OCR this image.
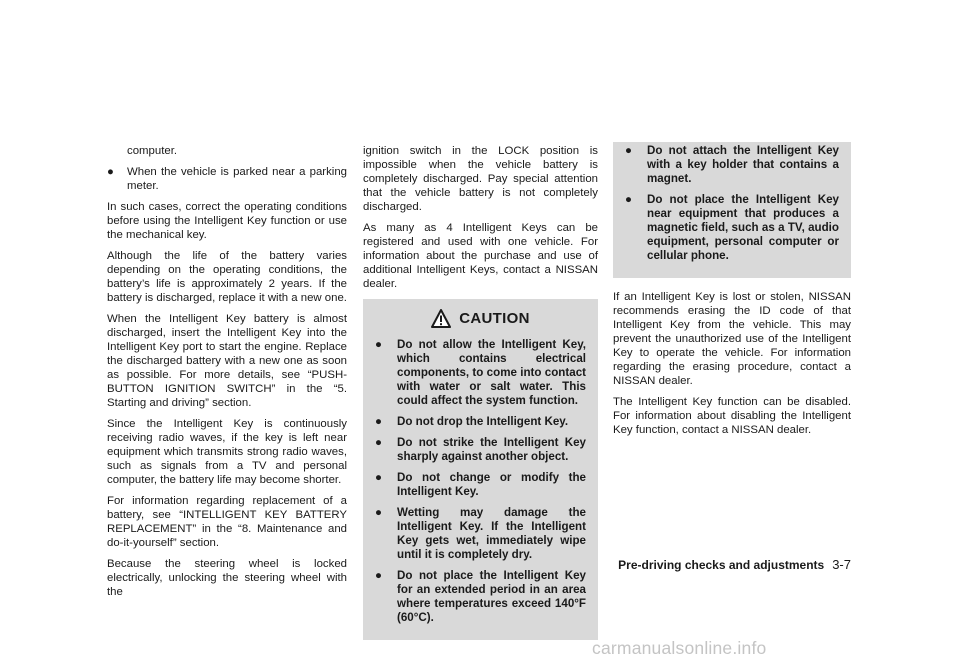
computer.

● When the vehicle is parked near a parking meter.

In such cases, correct the operating conditions before using the Intelligent Key function or use the mechanical key.

Although the life of the battery varies depending on the operating conditions, the battery’s life is approximately 2 years. If the battery is discharged, replace it with a new one.

When the Intelligent Key battery is almost discharged, insert the Intelligent Key into the Intelligent Key port to start the engine. Replace the discharged battery with a new one as soon as possible. For more details, see “PUSH-BUTTON IGNITION SWITCH” in the “5. Starting and driving” section.

Since the Intelligent Key is continuously receiving radio waves, if the key is left near equipment which transmits strong radio waves, such as signals from a TV and personal computer, the battery life may become shorter.

For information regarding replacement of a battery, see “INTELLIGENT KEY BATTERY REPLACEMENT” in the “8. Maintenance and do-it-yourself” section.

Because the steering wheel is locked electrically, unlocking the steering wheel with the

ignition switch in the LOCK position is impossible when the vehicle battery is completely discharged. Pay special attention that the vehicle battery is not completely discharged.

As many as 4 Intelligent Keys can be registered and used with one vehicle. For information about the purchase and use of additional Intelligent Keys, contact a NISSAN dealer.

CAUTION
● Do not allow the Intelligent Key, which contains electrical components, to come into contact with water or salt water. This could affect the system function.
● Do not drop the Intelligent Key.
● Do not strike the Intelligent Key sharply against another object.
● Do not change or modify the Intelligent Key.
● Wetting may damage the Intelligent Key. If the Intelligent Key gets wet, immediately wipe until it is completely dry.
● Do not place the Intelligent Key for an extended period in an area where temperatures exceed 140°F (60°C).
● Do not attach the Intelligent Key with a key holder that contains a magnet.
● Do not place the Intelligent Key near equipment that produces a magnetic field, such as a TV, audio equipment, personal computer or cellular phone.

If an Intelligent Key is lost or stolen, NISSAN recommends erasing the ID code of that Intelligent Key from the vehicle. This may prevent the unauthorized use of the Intelligent Key to operate the vehicle. For information regarding the erasing procedure, contact a NISSAN dealer.

The Intelligent Key function can be disabled. For information about disabling the Intelligent Key function, contact a NISSAN dealer.

Pre-driving checks and adjustments 3-7
carmanualsonline.info
